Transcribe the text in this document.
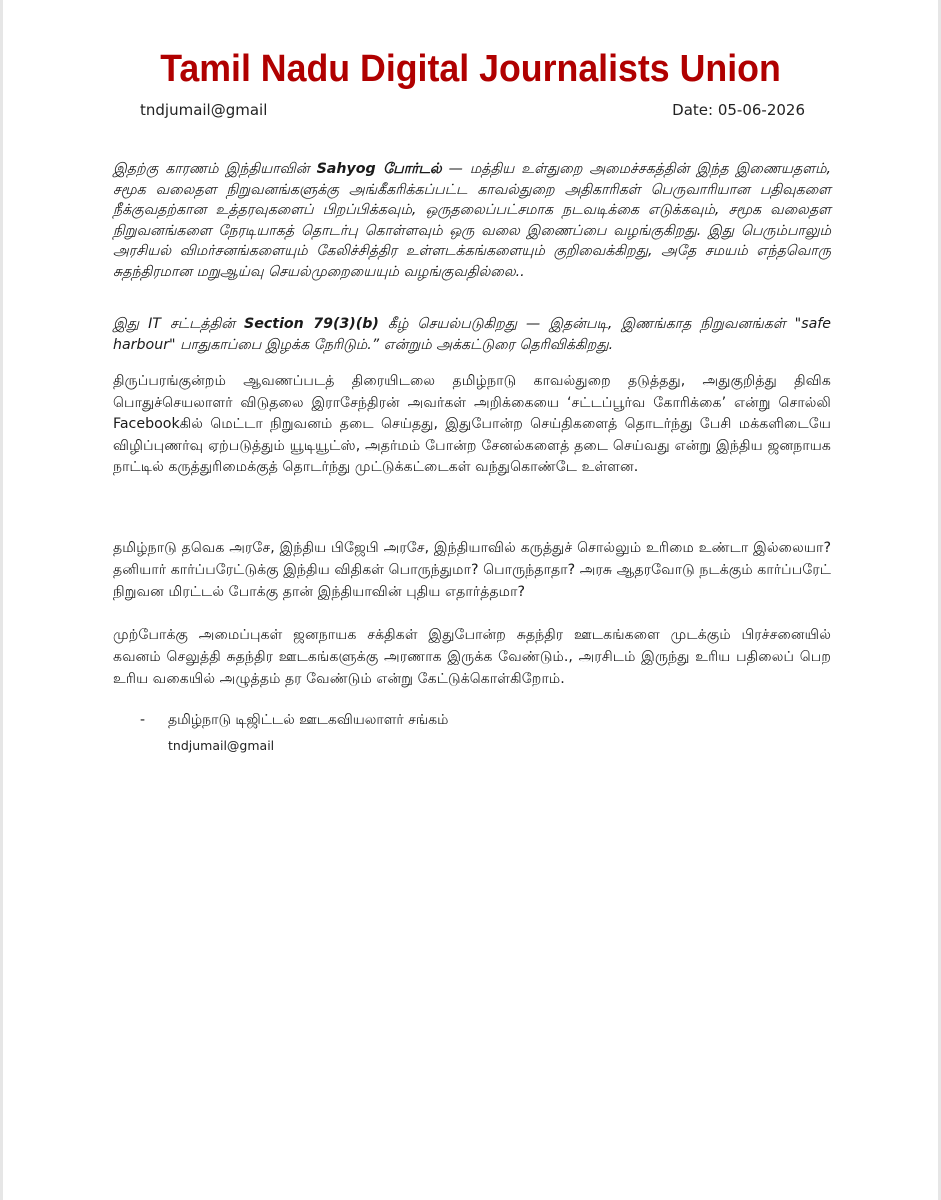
Tamil Nadu Digital Journalists Union
tndjumail@gmail	Date: 05-06-2026
இதற்கு காரணம் இந்தியாவின் Sahyog போர்டல் — மத்திய உள்துறை அமைச்சகத்தின் இந்த இணையதளம், சமூக வலைதள நிறுவனங்களுக்கு அங்கீகரிக்கப்பட்ட காவல்துறை அதிகாரிகள் பெருவாரியான பதிவுகளை நீக்குவதற்கான உத்தரவுகளைப் பிறப்பிக்கவும், ஒருதலைப்பட்சமாக நடவடிக்கை எடுக்கவும், சமூக வலைதள நிறுவனங்களை நேரடியாகத் தொடர்பு கொள்ளவும் ஒரு வலை இணைப்பை வழங்குகிறது. இது பெரும்பாலும் அரசியல் விமர்சனங்களையும் கேலிச்சித்திர உள்ளடக்கங்களையும் குறிவைக்கிறது, அதே சமயம் எந்தவொரு சுதந்திரமான மறுஆய்வு செயல்முறையையும் வழங்குவதில்லை..
இது IT சட்டத்தின் Section 79(3)(b) கீழ் செயல்படுகிறது — இதன்படி, இணங்காத நிறுவனங்கள் "safe harbour" பாதுகாப்பை இழக்க நேரிடும்.” என்றும் அக்கட்டுரை தெரிவிக்கிறது.
திருப்பரங்குன்றம் ஆவணப்படத் திரையிடலை தமிழ்நாடு காவல்துறை தடுத்தது, அதுகுறித்து திவிக பொதுச்செயலாளர் விடுதலை இராசேந்திரன் அவர்கள் அறிக்கையை ‘சட்டப்பூர்வ கோரிக்கை’ என்று சொல்லி Facebookகில் மெட்டா நிறுவனம் தடை செய்தது, இதுபோன்ற செய்திகளைத் தொடர்ந்து பேசி மக்களிடையே விழிப்புணர்வு ஏற்படுத்தும் யூடியூட்ஸ், அதர்மம் போன்ற சேனல்களைத் தடை செய்வது என்று இந்திய ஜனநாயக நாட்டில் கருத்துரிமைக்குத் தொடர்ந்து முட்டுக்கட்டைகள் வந்துகொண்டே உள்ளன.
தமிழ்நாடு தவெக அரசே, இந்திய பிஜேபி அரசே, இந்தியாவில் கருத்துச் சொல்லும் உரிமை உண்டா இல்லையா? தனியார் கார்ப்பரேட்டுக்கு இந்திய விதிகள் பொருந்துமா? பொருந்தாதா? அரசு ஆதரவோடு நடக்கும் கார்ப்பரேட் நிறுவன மிரட்டல் போக்கு தான் இந்தியாவின் புதிய எதார்த்தமா?
முற்போக்கு அமைப்புகள் ஜனநாயக சக்திகள் இதுபோன்ற சுதந்திர ஊடகங்களை முடக்கும் பிரச்சனையில் கவனம் செலுத்தி சுதந்திர ஊடகங்களுக்கு அரணாக இருக்க வேண்டும்., அரசிடம் இருந்து உரிய பதிலைப் பெற உரிய வகையில் அழுத்தம் தர வேண்டும் என்று கேட்டுக்கொள்கிறோம்.
- தமிழ்நாடு டிஜிட்டல் ஊடகவியலாளர் சங்கம்
tndjumail@gmail
